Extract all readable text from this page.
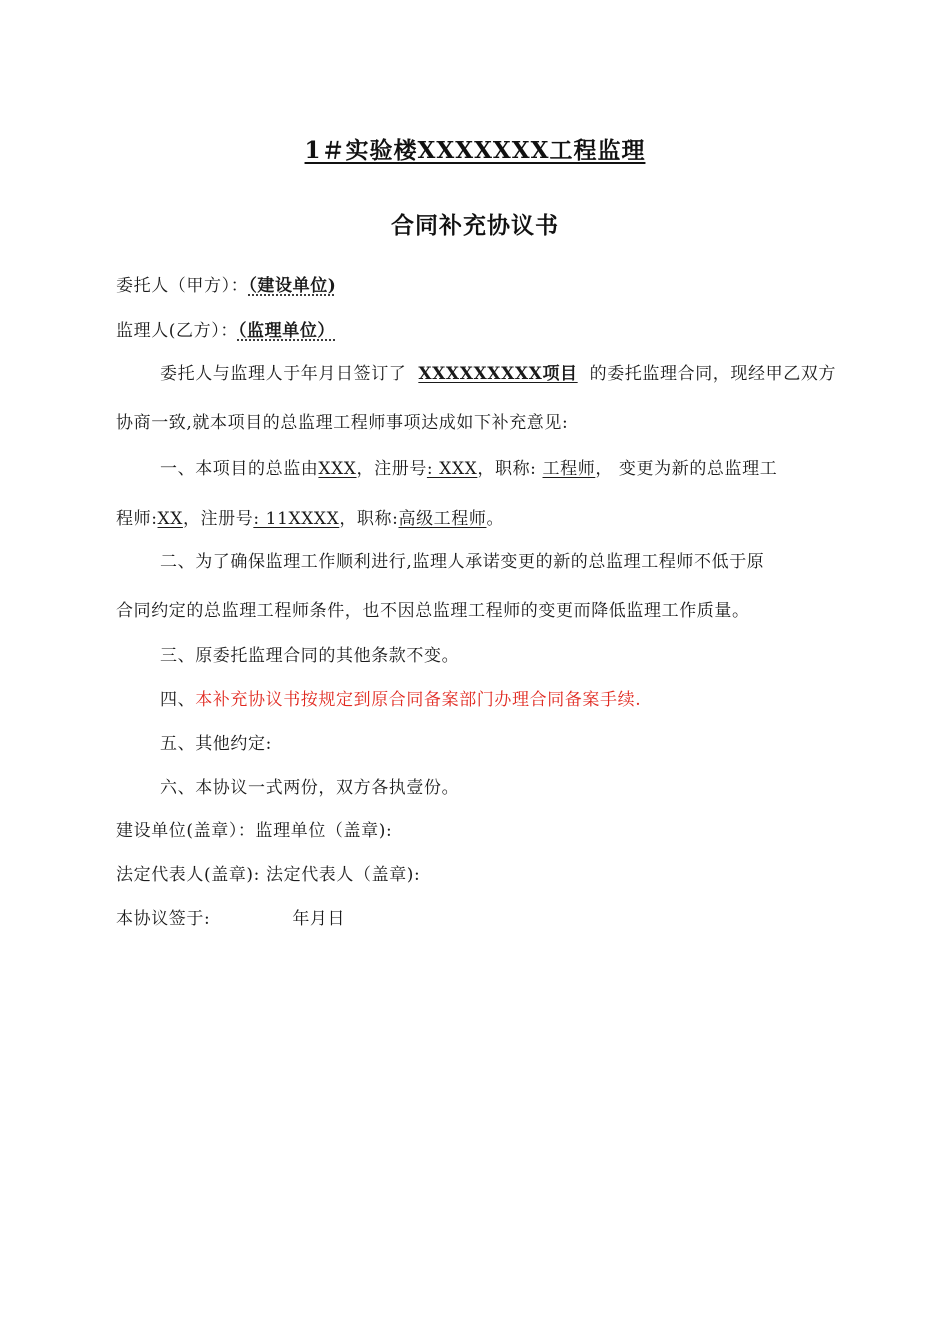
1＃实验楼XXXXXXX工程监理
合同补充协议书
委托人（甲方）：（建设单位)
监理人(乙方）：（监理单位）
委托人与监理人于年月日签订了 XXXXXXXXX项目 的委托监理合同，现经甲乙双方
协商一致,就本项目的总监理工程师事项达成如下补充意见:
一、本项目的总监由XXX，注册号: XXX，职称: 工程师， 变更为新的总监理工
程师:XX，注册号: 11XXXX，职称:高级工程师。
二、为了确保监理工作顺利进行,监理人承诺变更的新的总监理工程师不低于原
合同约定的总监理工程师条件，也不因总监理工程师的变更而降低监理工作质量。
三、原委托监理合同的其他条款不变。
四、本补充协议书按规定到原合同备案部门办理合同备案手续.
五、其他约定:
六、本协议一式两份，双方各执壹份。
建设单位(盖章）：监理单位（盖章):
法定代表人(盖章): 法定代表人（盖章):
本协议签于:	年月日
